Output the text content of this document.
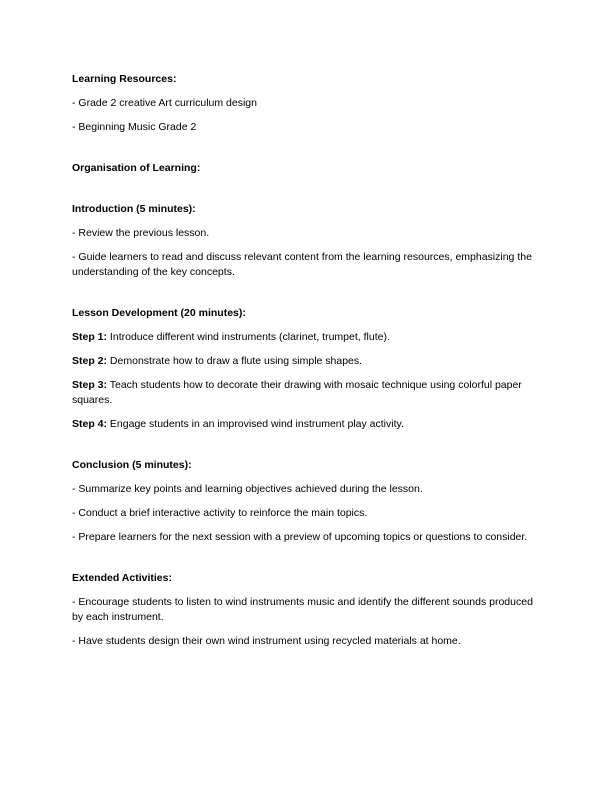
Learning Resources:

- Grade 2 creative Art curriculum design

- Beginning Music Grade 2

Organisation of Learning:

Introduction (5 minutes):

- Review the previous lesson.

- Guide learners to read and discuss relevant content from the learning resources, emphasizing the understanding of the key concepts.

Lesson Development (20 minutes):

Step 1: Introduce different wind instruments (clarinet, trumpet, flute).

Step 2: Demonstrate how to draw a flute using simple shapes.

Step 3: Teach students how to decorate their drawing with mosaic technique using colorful paper squares.

Step 4: Engage students in an improvised wind instrument play activity.

Conclusion (5 minutes):

- Summarize key points and learning objectives achieved during the lesson.

- Conduct a brief interactive activity to reinforce the main topics.

- Prepare learners for the next session with a preview of upcoming topics or questions to consider.

Extended Activities:

- Encourage students to listen to wind instruments music and identify the different sounds produced by each instrument.

- Have students design their own wind instrument using recycled materials at home.
